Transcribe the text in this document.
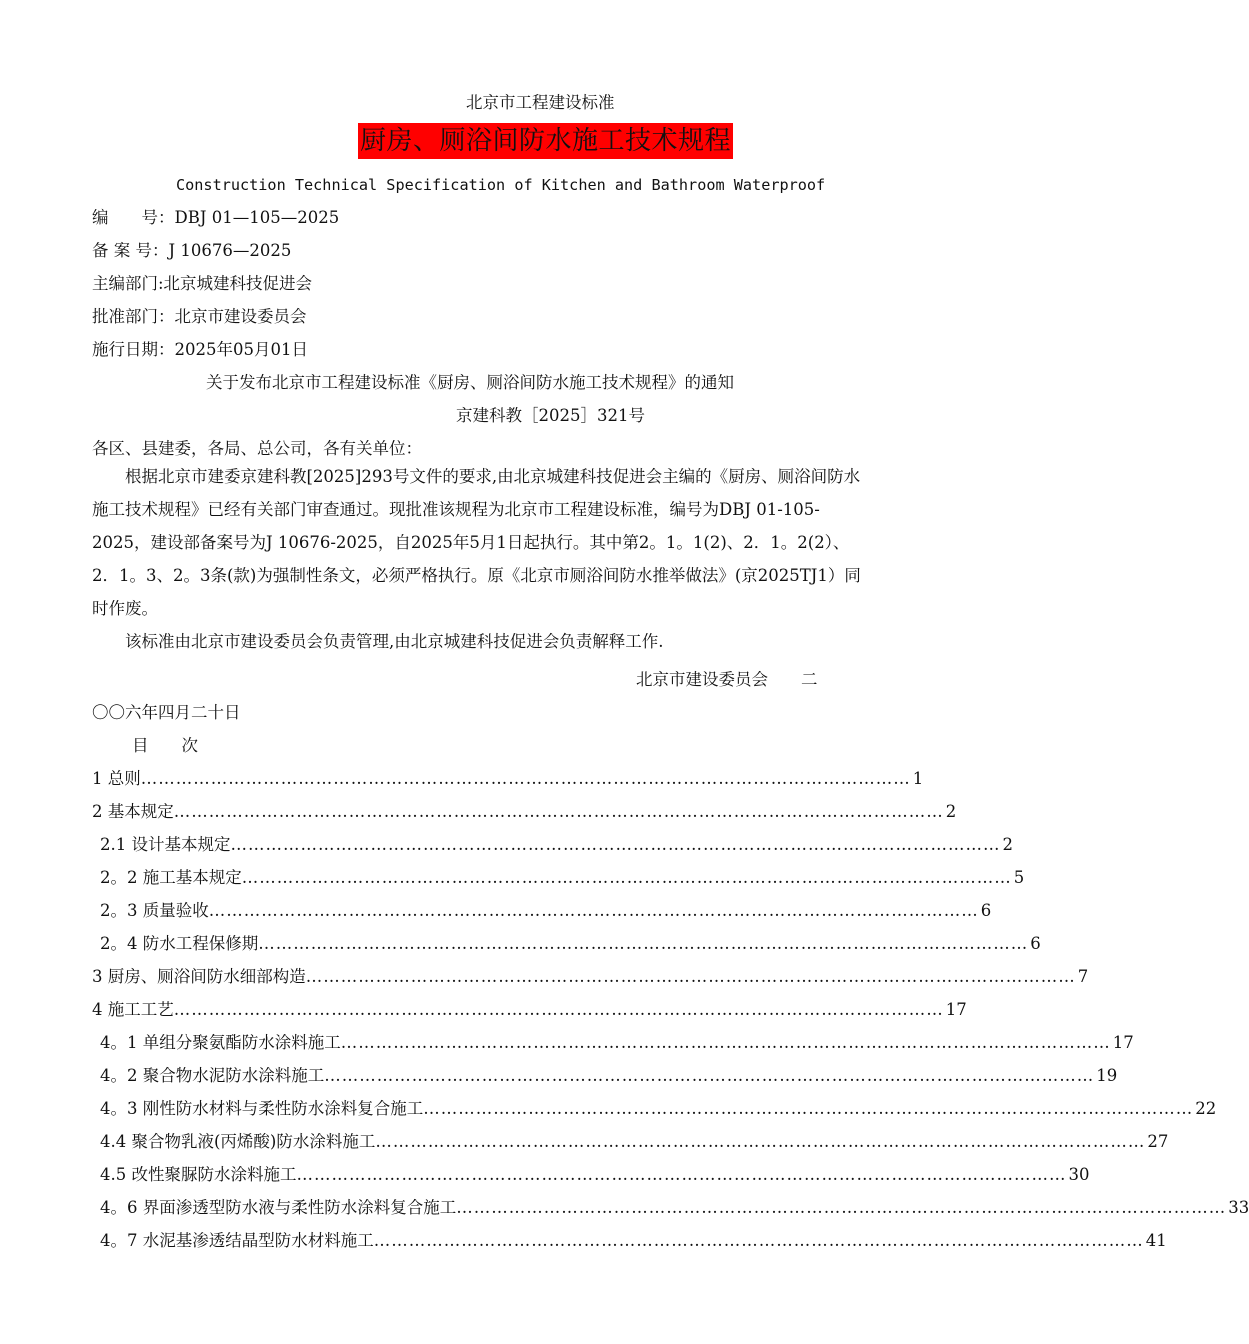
北京市工程建设标准
厨房、厕浴间防水施工技术规程
Construction Technical Specification of Kitchen and Bathroom Waterproof
编　　号：DBJ 01—105—2025
备 案 号：J 10676—2025
主编部门:北京城建科技促进会
批准部门：北京市建设委员会
施行日期：2025年05月01日
关于发布北京市工程建设标准《厨房、厕浴间防水施工技术规程》的通知
京建科教［2025］321号
各区、县建委，各局、总公司，各有关单位：
根据北京市建委京建科教[2025]293号文件的要求,由北京城建科技促进会主编的《厨房、厕浴间防水施工技术规程》已经有关部门审查通过。现批准该规程为北京市工程建设标准，编号为DBJ 01-105-2025，建设部备案号为J 10676-2025，自2025年5月1日起执行。其中第2。1。1(2)、2．1。2(2）、2．1。3、2。3条(款)为强制性条文，必须严格执行。原《北京市厕浴间防水推举做法》(京2025TJ1）同时作废。
该标准由北京市建设委员会负责管理,由北京城建科技促进会负责解释工作.
北京市建设委员会　　二
〇〇六年四月二十日
目　　次
1 总则 …………………………………………………………………………………………………………………… 1
2 基本规定 …………………………………………………………………………………………………………………… 2
2.1 设计基本规定 …………………………………………………………………………………………………………………… 2
2。2 施工基本规定 …………………………………………………………………………………………………………………… 5
2。3 质量验收 …………………………………………………………………………………………………………………… 6
2。4 防水工程保修期 …………………………………………………………………………………………………………………… 6
3 厨房、厕浴间防水细部构造 …………………………………………………………………………………………………………………… 7
4 施工工艺 …………………………………………………………………………………………………………………… 17
4。1 单组分聚氨酯防水涂料施工 …………………………………………………………………………………………………………………… 17
4。2 聚合物水泥防水涂料施工 …………………………………………………………………………………………………………………… 19
4。3 刚性防水材料与柔性防水涂料复合施工 …………………………………………………………………………………………………………………… 22
4.4 聚合物乳液(丙烯酸)防水涂料施工 …………………………………………………………………………………………………………………… 27
4.5 改性聚脲防水涂料施工 …………………………………………………………………………………………………………………… 30
4。6 界面渗透型防水液与柔性防水涂料复合施工 …………………………………………………………………………………………………………………… 33
4。7 水泥基渗透结晶型防水材料施工 …………………………………………………………………………………………………………………… 41
